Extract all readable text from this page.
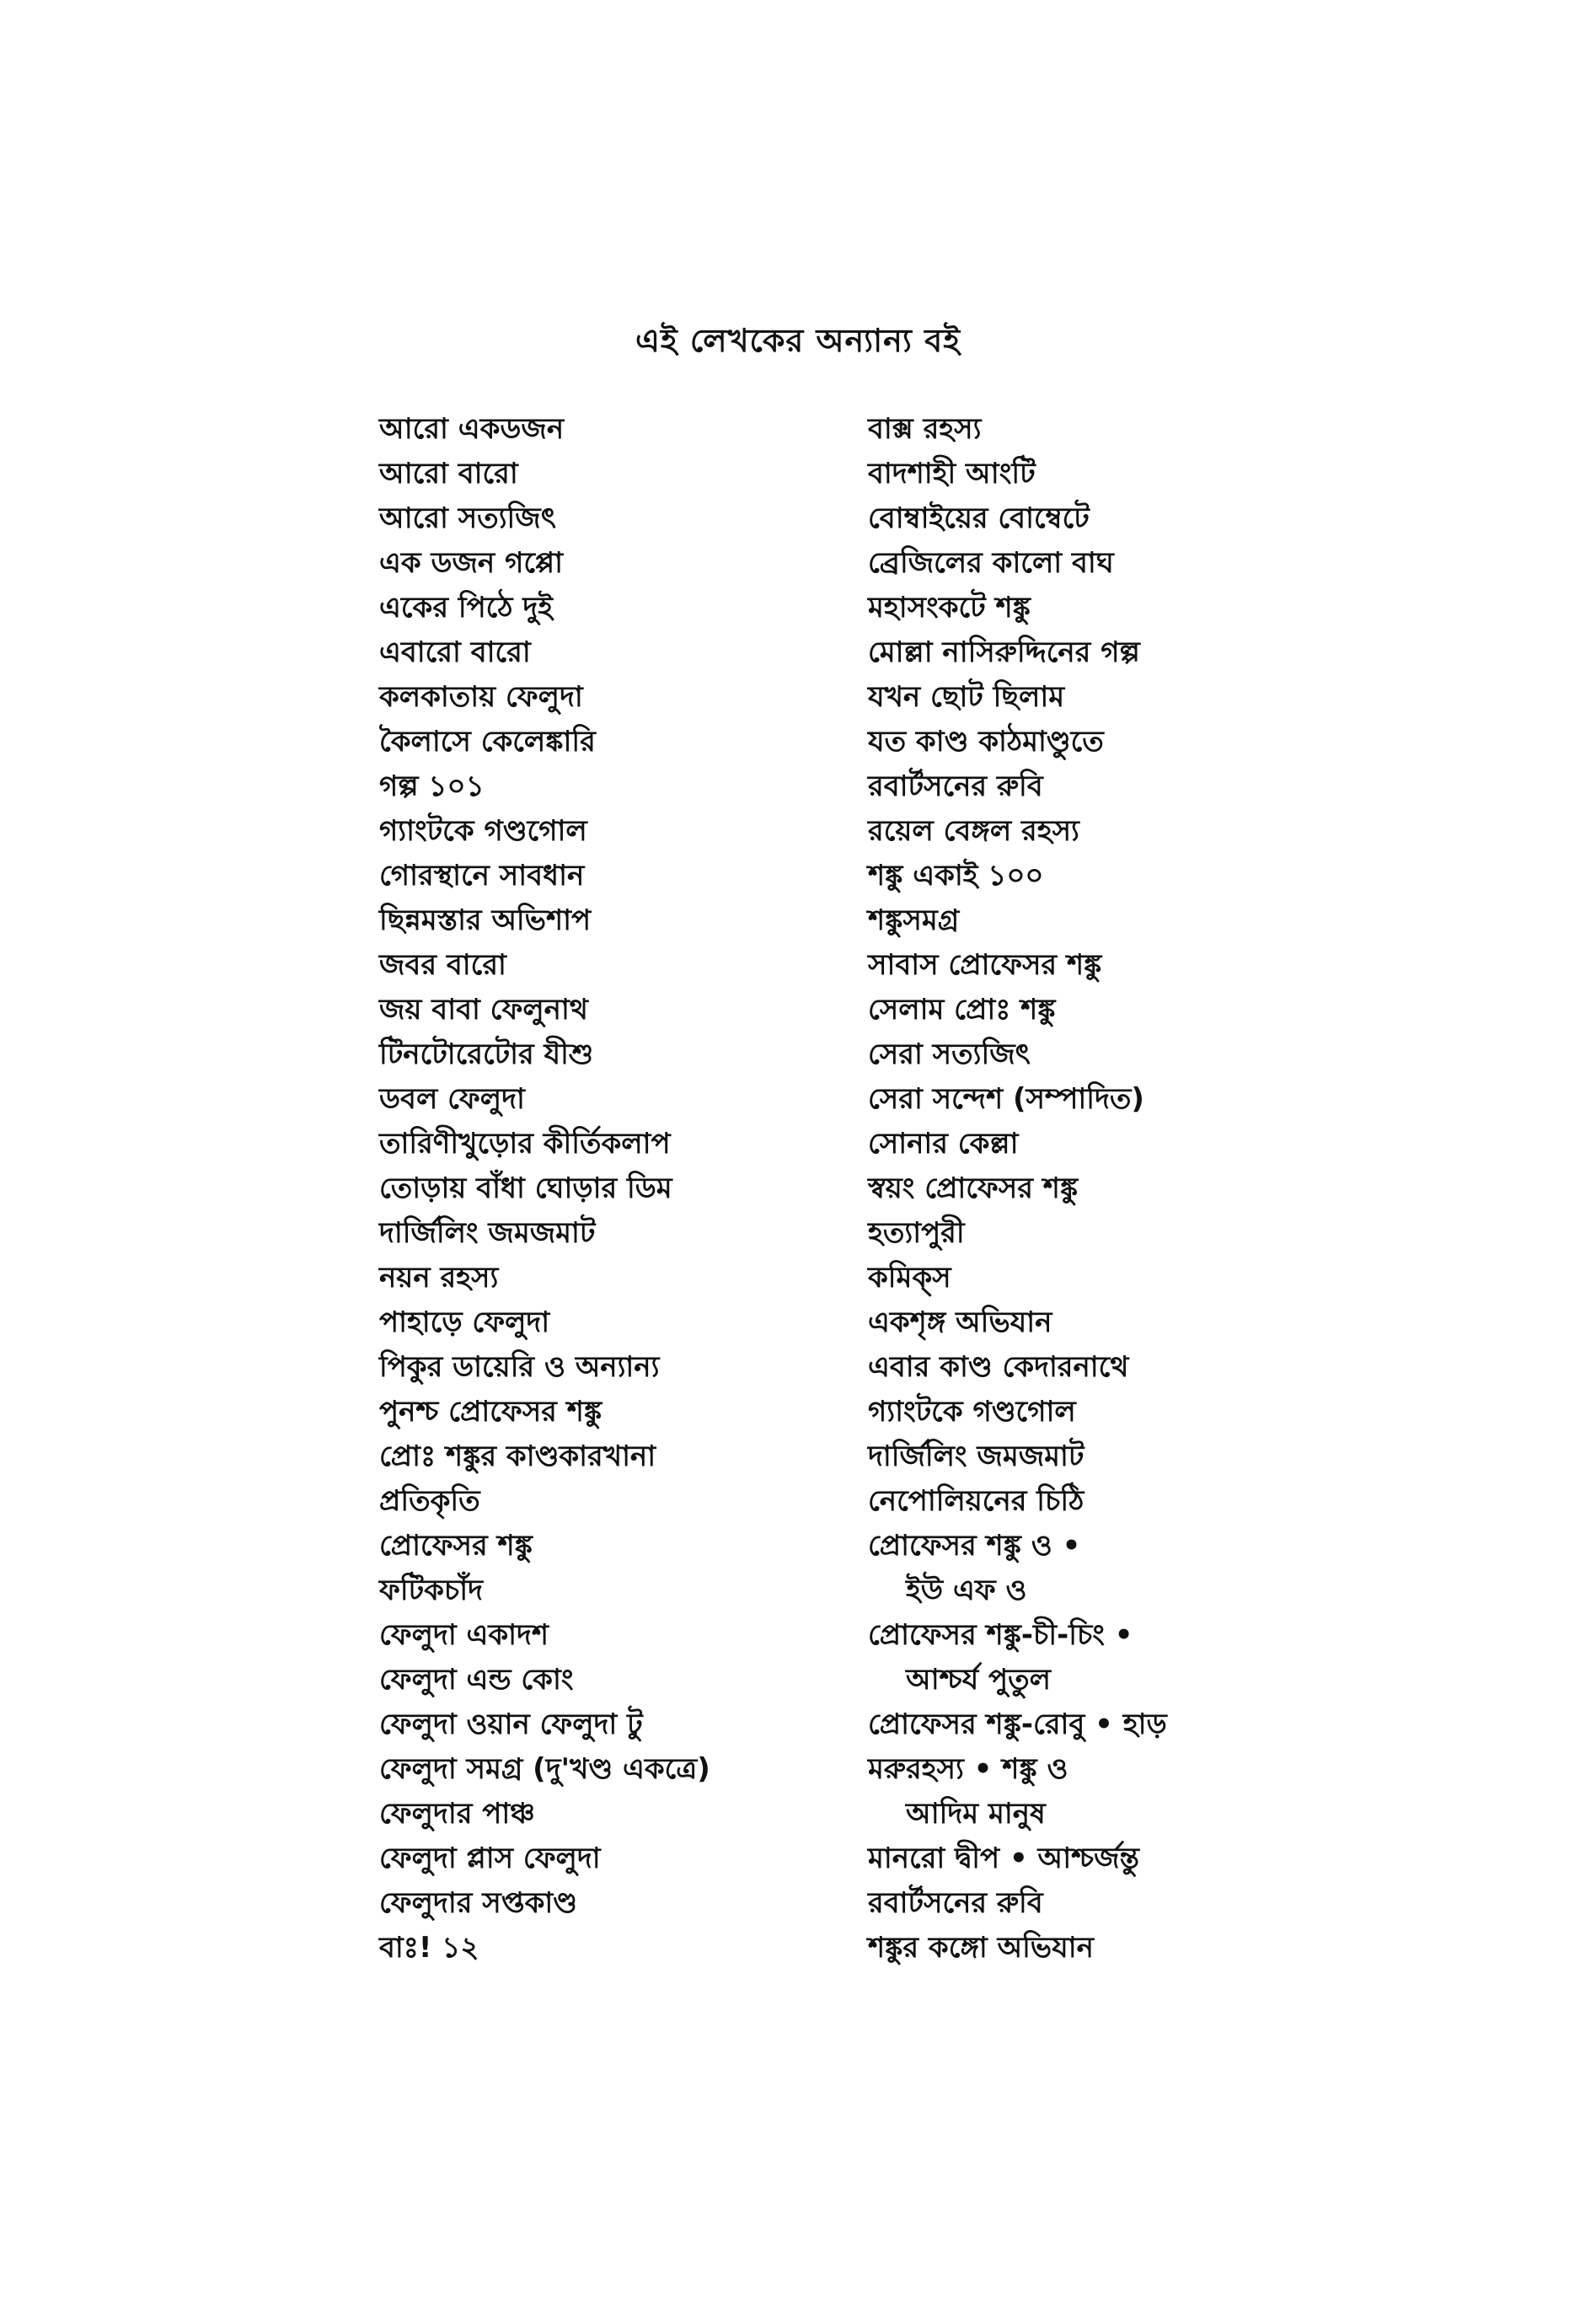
এই লেখকের অন্যান্য বই
আরো একডজন
আরো বারো
আরো সত্যজিৎ
এক ডজন গপ্পো
একের পিঠে দুই
এবারো বারো
কলকাতায় ফেলুদা
কৈলাসে কেলেঙ্কারি
গল্প ১০১
গ্যাংটকে গণ্ডগোল
গোরস্থানে সাবধান
ছিন্নমস্তার অভিশাপ
জবর বারো
জয় বাবা ফেলুনাথ
টিনটোরেটোর যীশু
ডবল ফেলুদা
তারিণীখুড়োর কীর্তিকলাপ
তোড়ায় বাঁধা ঘোড়ার ডিম
দার্জিলিং জমজমাট
নয়ন রহস্য
পাহাড়ে ফেলুদা
পিকুর ডায়েরি ও অন্যান্য
পুনশ্চ প্রোফেসর শঙ্কু
প্রোঃ শঙ্কুর কাণ্ডকারখানা
প্রতিকৃতি
প্রোফেসর শঙ্কু
ফটিকচাঁদ
ফেলুদা একাদশ
ফেলুদা এন্ড কোং
ফেলুদা ওয়ান ফেলুদা টু
ফেলুদা সমগ্র (দু'খণ্ড একত্রে)
ফেলুদার পাঞ্চ
ফেলুদা প্লাস ফেলুদা
ফেলুদার সপ্তকাণ্ড
বাঃ! ১২
বাক্স রহস্য
বাদশাহী আংটি
বোম্বাইয়ের বোম্বেটে
ব্রেজিলের কালো বাঘ
মহাসংকটে শঙ্কু
মোল্লা নাসিরুদ্দিনের গল্প
যখন ছোট ছিলাম
যত কাণ্ড কাঠমাণ্ডুতে
রবার্টসনের রুবি
রয়েল বেঙ্গল রহস্য
শঙ্কু একাই ১০০
শঙ্কুসমগ্র
সাবাস প্রোফেসর শঙ্কু
সেলাম প্রোঃ শঙ্কু
সেরা সত্যজিৎ
সেরা সন্দেশ (সম্পাদিত)
সোনার কেল্লা
স্বয়ং প্রোফেসর শঙ্কু
হত্যাপুরী
কমিক্‌স
একশৃঙ্গ অভিযান
এবার কাণ্ড কেদারনাথে
গ্যাংটকে গণ্ডগোল
দার্জিলিং জমজমাট
নেপোলিয়নের চিঠি
প্রোফেসর শঙ্কু ও •
ইউ এফ ও
প্রোফেসর শঙ্কু-চী-চিং •
আশ্চর্য পুতুল
প্রোফেসর শঙ্কু-রোবু • হাড়
মরুরহস্য • শঙ্কু ও
আদিম মানুষ
মানরো দ্বীপ • আশ্চর্জন্তু
রবার্টসনের রুবি
শঙ্কুর কঙ্গো অভিযান
